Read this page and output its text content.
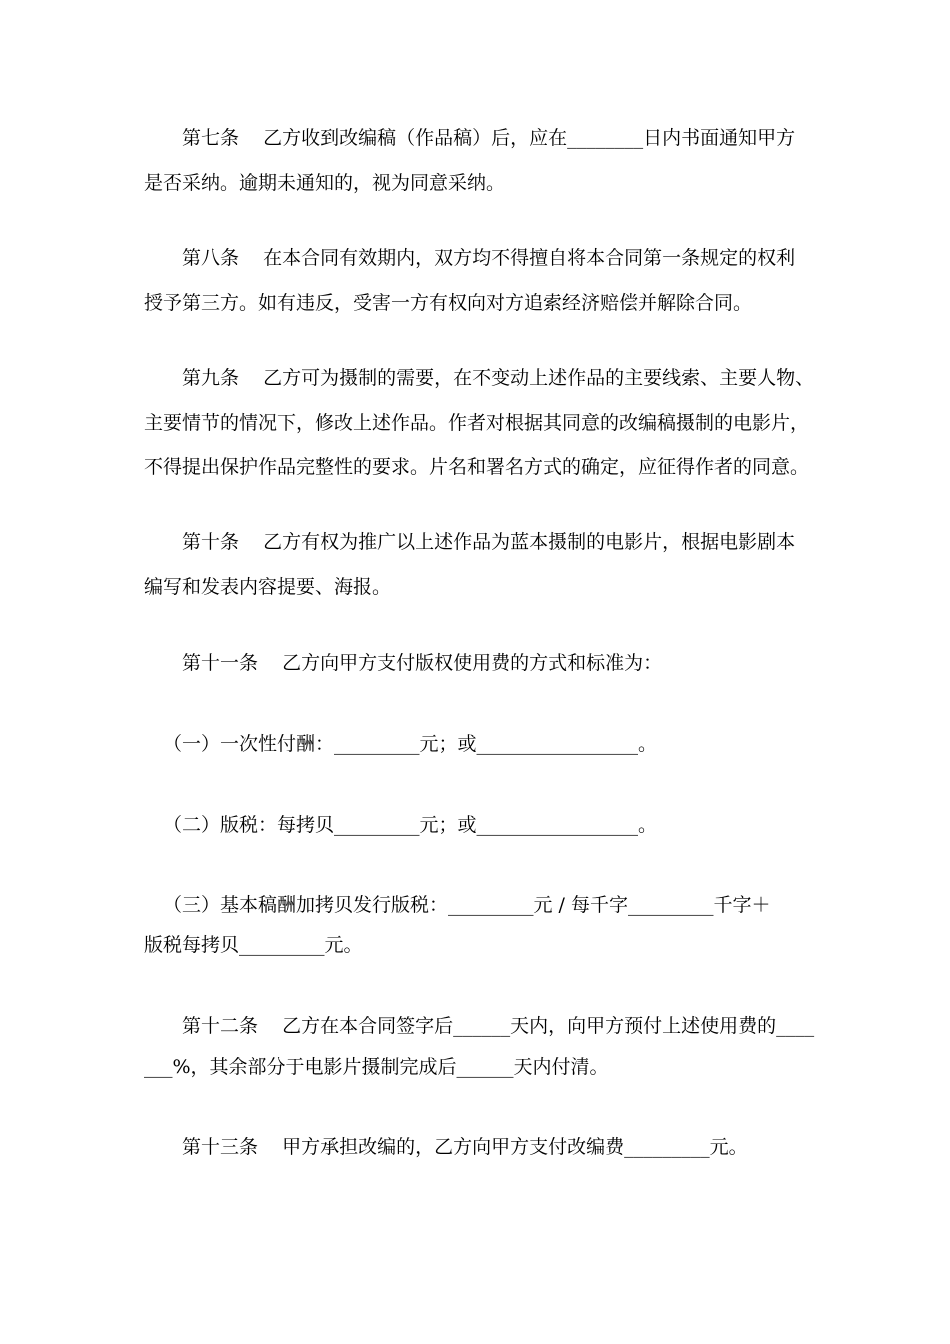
第七条    乙方收到改编稿（作品稿）后，应在________日内书面通知甲方
是否采纳。逾期未通知的，视为同意采纳。
第八条    在本合同有效期内，双方均不得擅自将本合同第一条规定的权利
授予第三方。如有违反，受害一方有权向对方追索经济赔偿并解除合同。
第九条    乙方可为摄制的需要，在不变动上述作品的主要线索、主要人物、
主要情节的情况下，修改上述作品。作者对根据其同意的改编稿摄制的电影片，
不得提出保护作品完整性的要求。片名和署名方式的确定，应征得作者的同意。
第十条    乙方有权为推广以上述作品为蓝本摄制的电影片，根据电影剧本
编写和发表内容提要、海报。
第十一条    乙方向甲方支付版权使用费的方式和标准为：
（一）一次性付酬：_________元；或_________________。
（二）版税：每拷贝_________元；或_________________。
（三）基本稿酬加拷贝发行版税：_________元 / 每千字_________千字＋
版税每拷贝_________元。
第十二条    乙方在本合同签字后______天内，向甲方预付上述使用费的____
___%，其余部分于电影片摄制完成后______天内付清。
第十三条    甲方承担改编的，乙方向甲方支付改编费_________元。
